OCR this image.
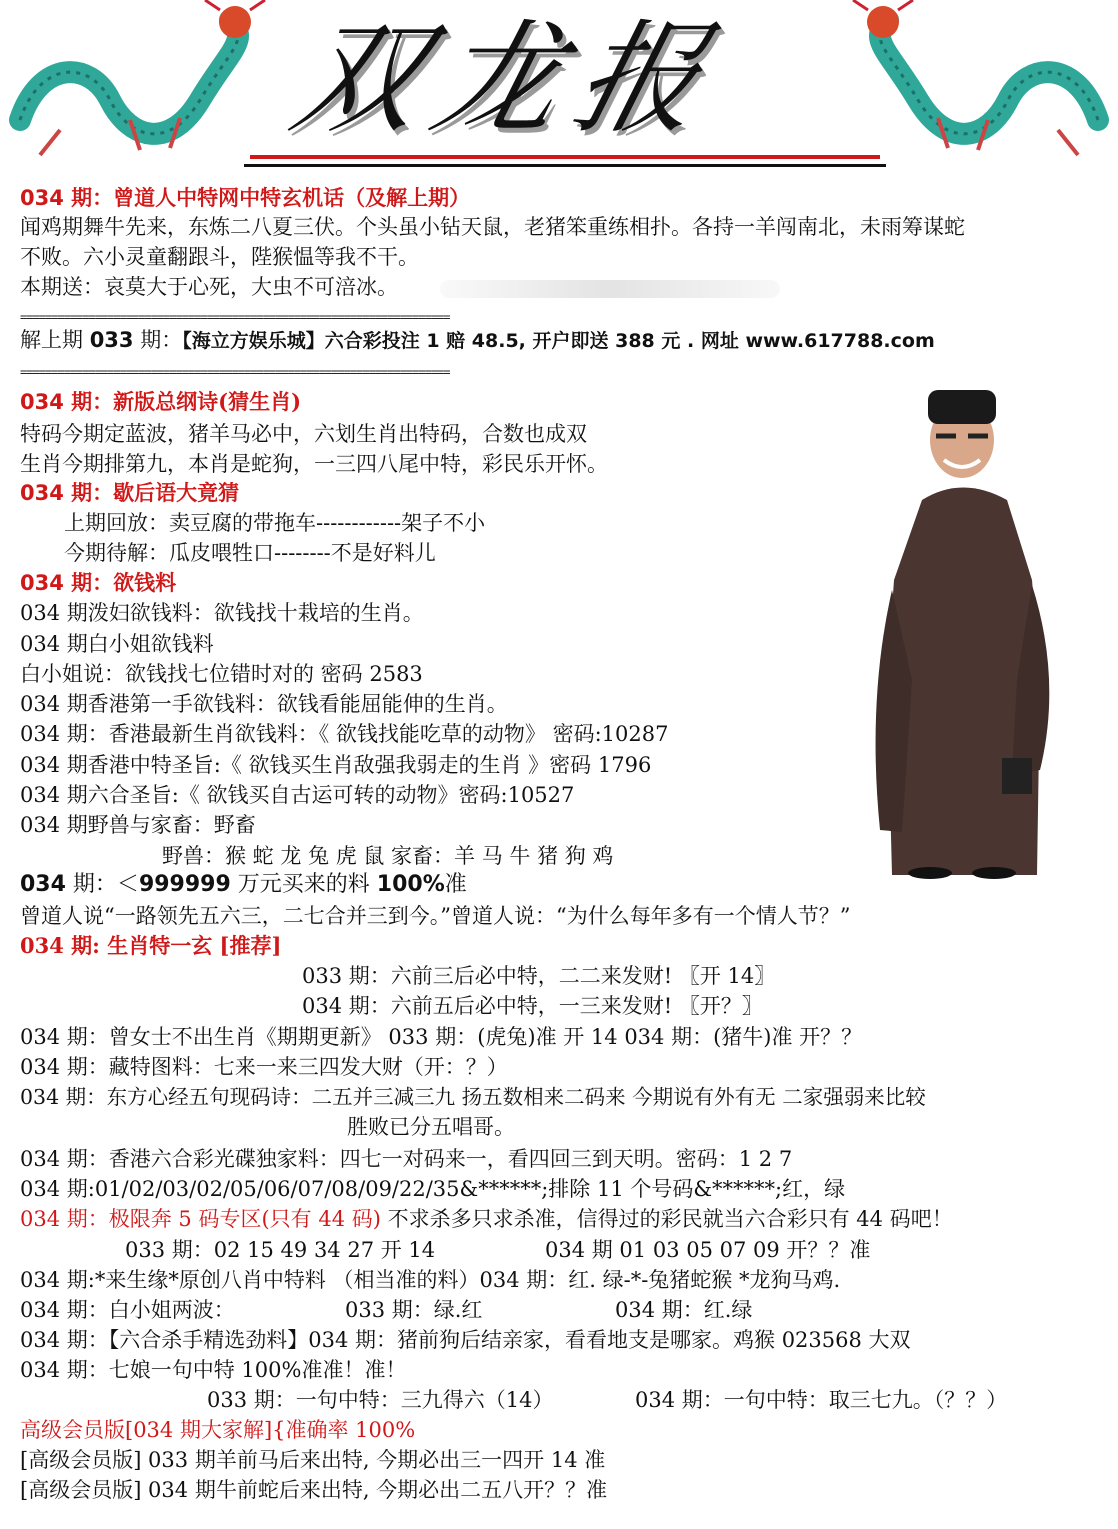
双龙报
034 期：曾道人中特网中特玄机话（及解上期）
闻鸡期舞牛先来，东炼二八夏三伏。个头虽小钻天鼠，老猪笨重练相扑。各持一羊闯南北，未雨筹谋蛇
不败。六小灵童翻跟斗，陛猴愠等我不干。
本期送：哀莫大于心死，大虫不可涪冰。
=====================================================================
解上期 033 期：【海立方娱乐城】六合彩投注 1 赔 48.5, 开户即送 388 元 . 网址 www.617788.com
=====================================================================
034 期：新版总纲诗(猜生肖)
特码今期定蓝波，猪羊马必中，六划生肖出特码，合数也成双
生肖今期排第九，本肖是蛇狗，一三四八尾中特，彩民乐开怀。
034 期：歇后语大竟猜
上期回放：卖豆腐的带拖车------------架子不小
今期待解：瓜皮喂牲口--------不是好料儿
034 期：欲钱料
034 期泼妇欲钱料：欲钱找十栽培的生肖。
034 期白小姐欲钱料
白小姐说：欲钱找七位错时对的 密码 2583
034 期香港第一手欲钱料：欲钱看能屈能伸的生肖。
034 期：香港最新生肖欲钱料：《 欲钱找能吃草的动物》 密码:10287
034 期香港中特圣旨:《 欲钱买生肖敌强我弱走的生肖 》密码 1796
034 期六合圣旨:《 欲钱买自古运可转的动物》密码:10527
034 期野兽与家畜：野畜
野兽：猴 蛇 龙 兔 虎 鼠 家畜：羊 马 牛 猪 狗 鸡
034 期：＜999999 万元买来的料 100%准
曾道人说“一路领先五六三，二七合并三到今。”曾道人说：“为什么每年多有一个情人节？”
034 期: 生肖特一玄 [推荐]
033 期：六前三后必中特，二二来发财! 〖开 14〗
034 期：六前五后必中特，一三来发财! 〖开？〗
034 期：曾女士不出生肖《期期更新》 033 期：(虎兔)准 开 14 034 期：(猪牛)准 开？？
034 期：藏特图料：七来一来三四发大财（开：？）
034 期：东方心经五句现码诗：二五并三减三九 扬五数相来二码来 今期说有外有无 二家强弱来比较
胜败已分五唱哥。
034 期：香港六合彩光碟独家料：四七一对码来一，看四回三到天明。密码：1 2 7
034 期:01/02/03/02/05/06/07/08/09/22/35&******;排除 11 个号码&******;红，绿
034 期：极限奔 5 码专区(只有 44 码) 不求杀多只求杀准，信得过的彩民就当六合彩只有 44 码吧！
033 期：02 15 49 34 27 开 14	034 期 01 03 05 07 09 开？？准
034 期:*来生缘*原创八肖中特料 （相当准的料）034 期：红. 绿-*-兔猪蛇猴 *龙狗马鸡.
034 期：白小姐两波：	033 期：绿.红	034 期：红.绿
034 期：【六合杀手精选劲料】034 期：猪前狗后结亲家，看看地支是哪家。鸡猴 023568 大双
034 期：七娘一句中特 100%准准！准！
033 期：一句中特：三九得六（14）	034 期：一句中特：取三七九。（？？）
高级会员版[034 期大家解]{准确率 100%
[高级会员版] 033 期羊前马后来出特, 今期必出三一四开 14 准
[高级会员版] 034 期牛前蛇后来出特, 今期必出二五八开？？准
